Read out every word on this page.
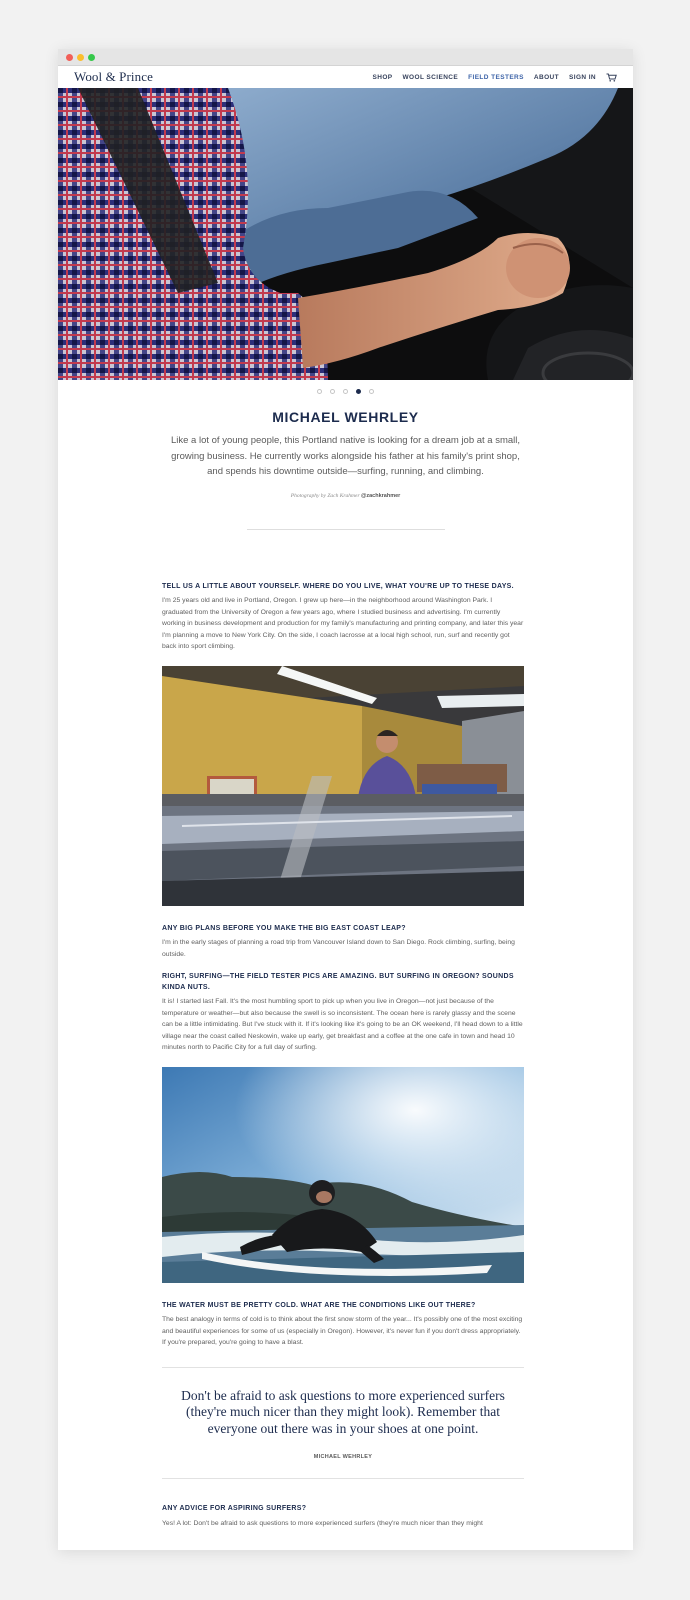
Wool & Prince	SHOP WOOL SCIENCE FIELD TESTERS ABOUT SIGN IN
MICHAEL WEHRLEY
Like a lot of young people, this Portland native is looking for a dream job at a small, growing business. He currently works alongside his father at his family's print shop, and spends his downtime outside—surfing, running, and climbing.
Photography by Zach Krahmer @zachkrahmer
TELL US A LITTLE ABOUT YOURSELF. WHERE DO YOU LIVE, WHAT YOU'RE UP TO THESE DAYS.
I'm 25 years old and live in Portland, Oregon. I grew up here—in the neighborhood around Washington Park. I graduated from the University of Oregon a few years ago, where I studied business and advertising. I'm currently working in business development and production for my family's manufacturing and printing company, and later this year I'm planning a move to New York City. On the side, I coach lacrosse at a local high school, run, surf and recently got back into sport climbing.
ANY BIG PLANS BEFORE YOU MAKE THE BIG EAST COAST LEAP?
I'm in the early stages of planning a road trip from Vancouver Island down to San Diego. Rock climbing, surfing, being outside.
RIGHT, SURFING—THE FIELD TESTER PICS ARE AMAZING. BUT SURFING IN OREGON? SOUNDS KINDA NUTS.
It is! I started last Fall. It's the most humbling sport to pick up when you live in Oregon—not just because of the temperature or weather—but also because the swell is so inconsistent. The ocean here is rarely glassy and the scene can be a little intimidating. But I've stuck with it. If it's looking like it's going to be an OK weekend, I'll head down to a little village near the coast called Neskowin, wake up early, get breakfast and a coffee at the one cafe in town and head 10 minutes north to Pacific City for a full day of surfing.
THE WATER MUST BE PRETTY COLD. WHAT ARE THE CONDITIONS LIKE OUT THERE?
The best analogy in terms of cold is to think about the first snow storm of the year... It's possibly one of the most exciting and beautiful experiences for some of us (especially in Oregon). However, it's never fun if you don't dress appropriately. If you're prepared, you're going to have a blast.
Don't be afraid to ask questions to more experienced surfers (they're much nicer than they might look). Remember that everyone out there was in your shoes at one point.
MICHAEL WEHRLEY
ANY ADVICE FOR ASPIRING SURFERS?
Yes! A lot: Don't be afraid to ask questions to more experienced surfers (they're much nicer than they might
